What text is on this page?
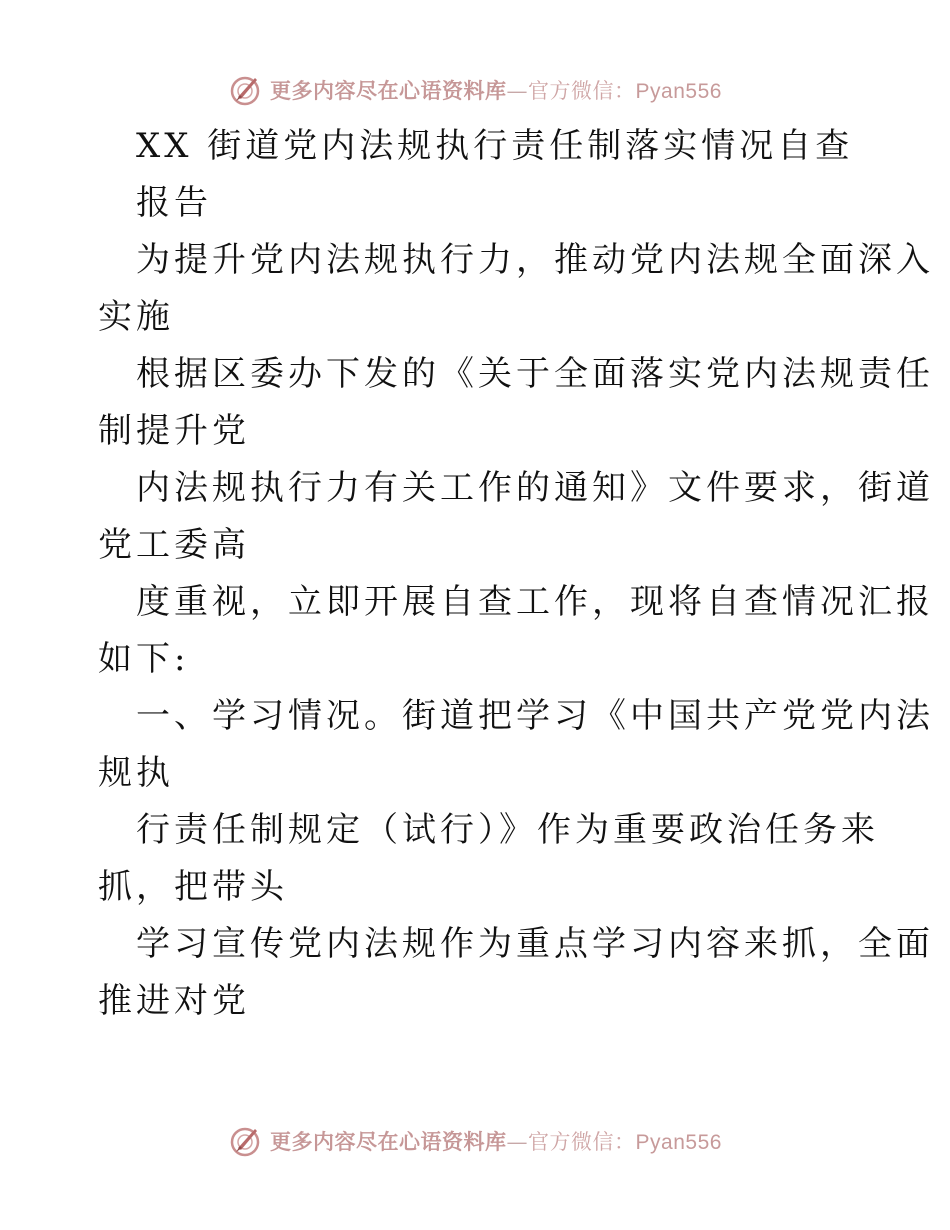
更多内容尽在心语资料库—官方微信：Pyan556
XX 街道党内法规执行责任制落实情况自查
报告
为提升党内法规执行力，推动党内法规全面深入
实施
根据区委办下发的《关于全面落实党内法规责任
制提升党
内法规执行力有关工作的通知》文件要求，街道
党工委高
度重视，立即开展自查工作，现将自查情况汇报
如下:
一、学习情况。街道把学习《中国共产党党内法
规执
行责任制规定（试行）》作为重要政治任务来
抓，把带头
学习宣传党内法规作为重点学习内容来抓，全面
推进对党
更多内容尽在心语资料库—官方微信：Pyan556
